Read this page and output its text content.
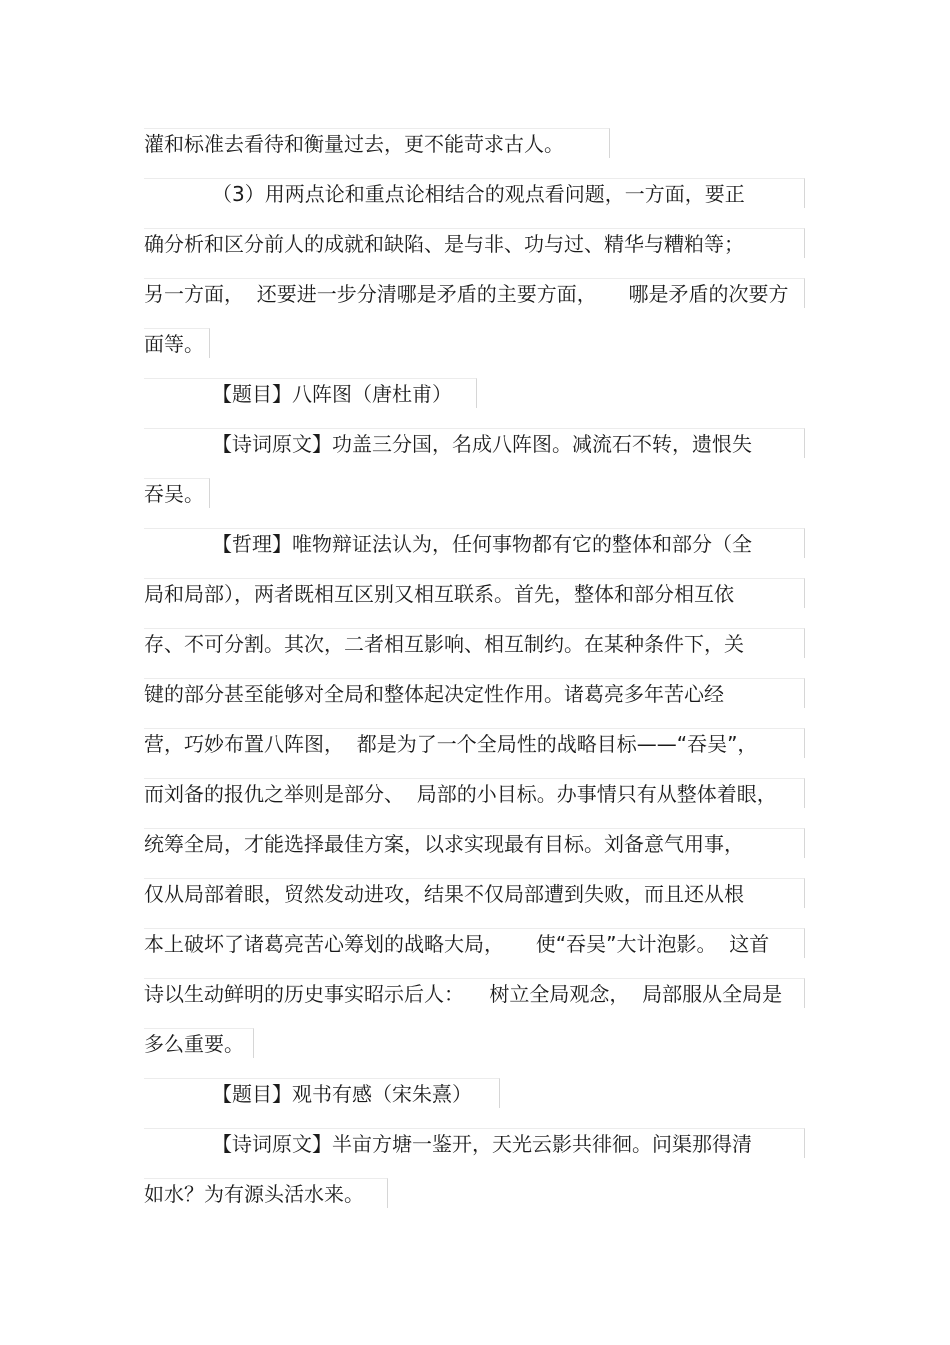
灌和标准去看待和衡量过去，更不能苛求古人。
（3）用两点论和重点论相结合的观点看问题，一方面，要正
确分析和区分前人的成就和缺陷、是与非、功与过、精华与糟粕等；
另一方面，  还要进一步分清哪是矛盾的主要方面，     哪是矛盾的次要方
面等。
【题目】八阵图（唐杜甫）
【诗词原文】功盖三分国，名成八阵图。减流石不转，遗恨失
吞吴。
【哲理】唯物辩证法认为，任何事物都有它的整体和部分（全
局和局部），两者既相互区别又相互联系。首先，整体和部分相互依
存、不可分割。其次，二者相互影响、相互制约。在某种条件下，关
键的部分甚至能够对全局和整体起决定性作用。诸葛亮多年苦心经
营，巧妙布置八阵图，  都是为了一个全局性的战略目标——“吞吴”，
而刘备的报仇之举则是部分、  局部的小目标。办事情只有从整体着眼，
统筹全局，才能选择最佳方案，以求实现最有目标。刘备意气用事，
仅从局部着眼，贸然发动进攻，结果不仅局部遭到失败，而且还从根
本上破坏了诸葛亮苦心筹划的战略大局，     使“吞吴”大计泡影。  这首
诗以生动鲜明的历史事实昭示后人：    树立全局观念，  局部服从全局是
多么重要。
【题目】观书有感（宋朱熹）
【诗词原文】半亩方塘一鉴开，天光云影共徘徊。问渠那得清
如水？为有源头活水来。
